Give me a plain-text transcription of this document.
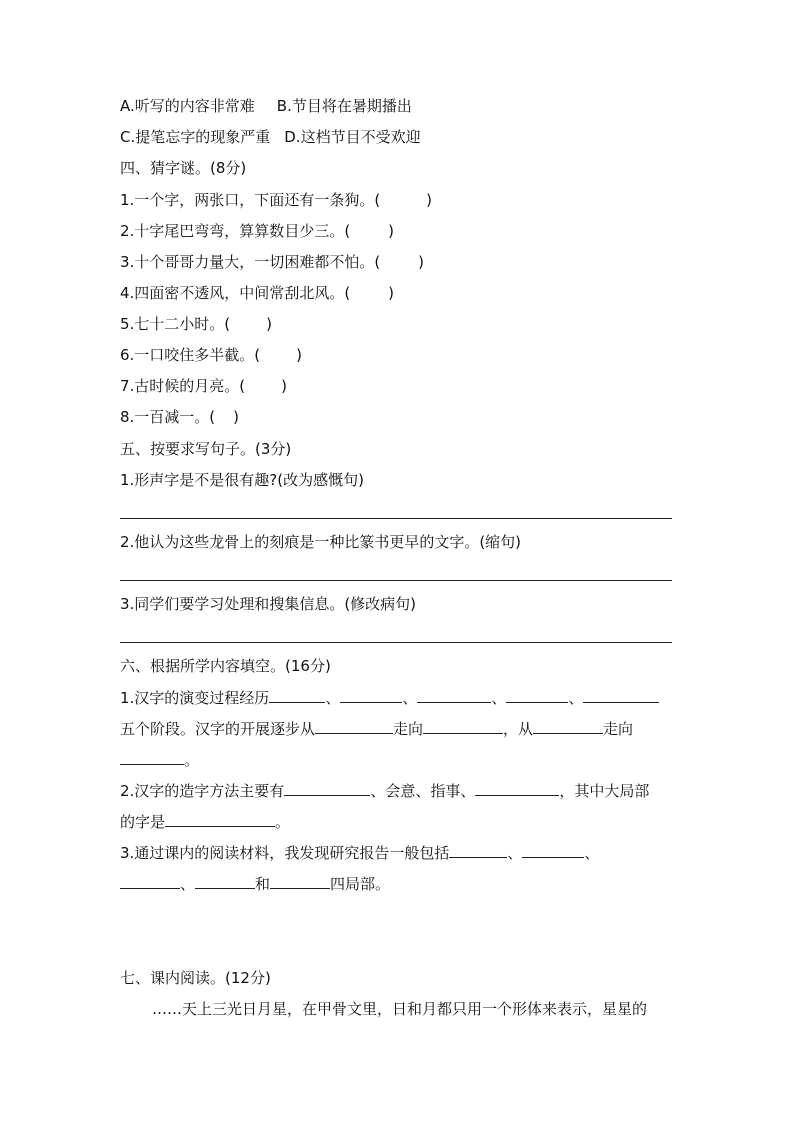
A.听写的内容非常难 B.节目将在暑期播出
C.提笔忘字的现象严重 D.这档节目不受欢迎
四、猜字谜。(8分)
1.一个字，两张口，下面还有一条狗。(	)
2.十字尾巴弯弯，算算数目少三。(	)
3.十个哥哥力量大，一切困难都不怕。(	)
4.四面密不透风，中间常刮北风。(	)
5.七十二小时。( )
6.一口咬住多半截。( )
7.古时候的月亮。( )
8.一百减一。( )
五、按要求写句子。(3分)
1.形声字是不是很有趣?(改为感慨句)
2.他认为这些龙骨上的刻痕是一种比篆书更早的文字。(缩句)
3.同学们要学习处理和搜集信息。(修改病句)
六、根据所学内容填空。(16分)
1.汉字的演变过程经历	、	、	、	、
五个阶段。汉字的开展逐步从	走向	，从	走向
。
2.汉字的造字方法主要有	、会意、指事、	，其中大局部
的字是	。
3.通过课内的阅读材料，我发现研究报告一般包括	、	、
、	和	四局部。
七、课内阅读。(12分)
……天上三光日月星，在甲骨文里，日和月都只用一个形体来表示，星星的
